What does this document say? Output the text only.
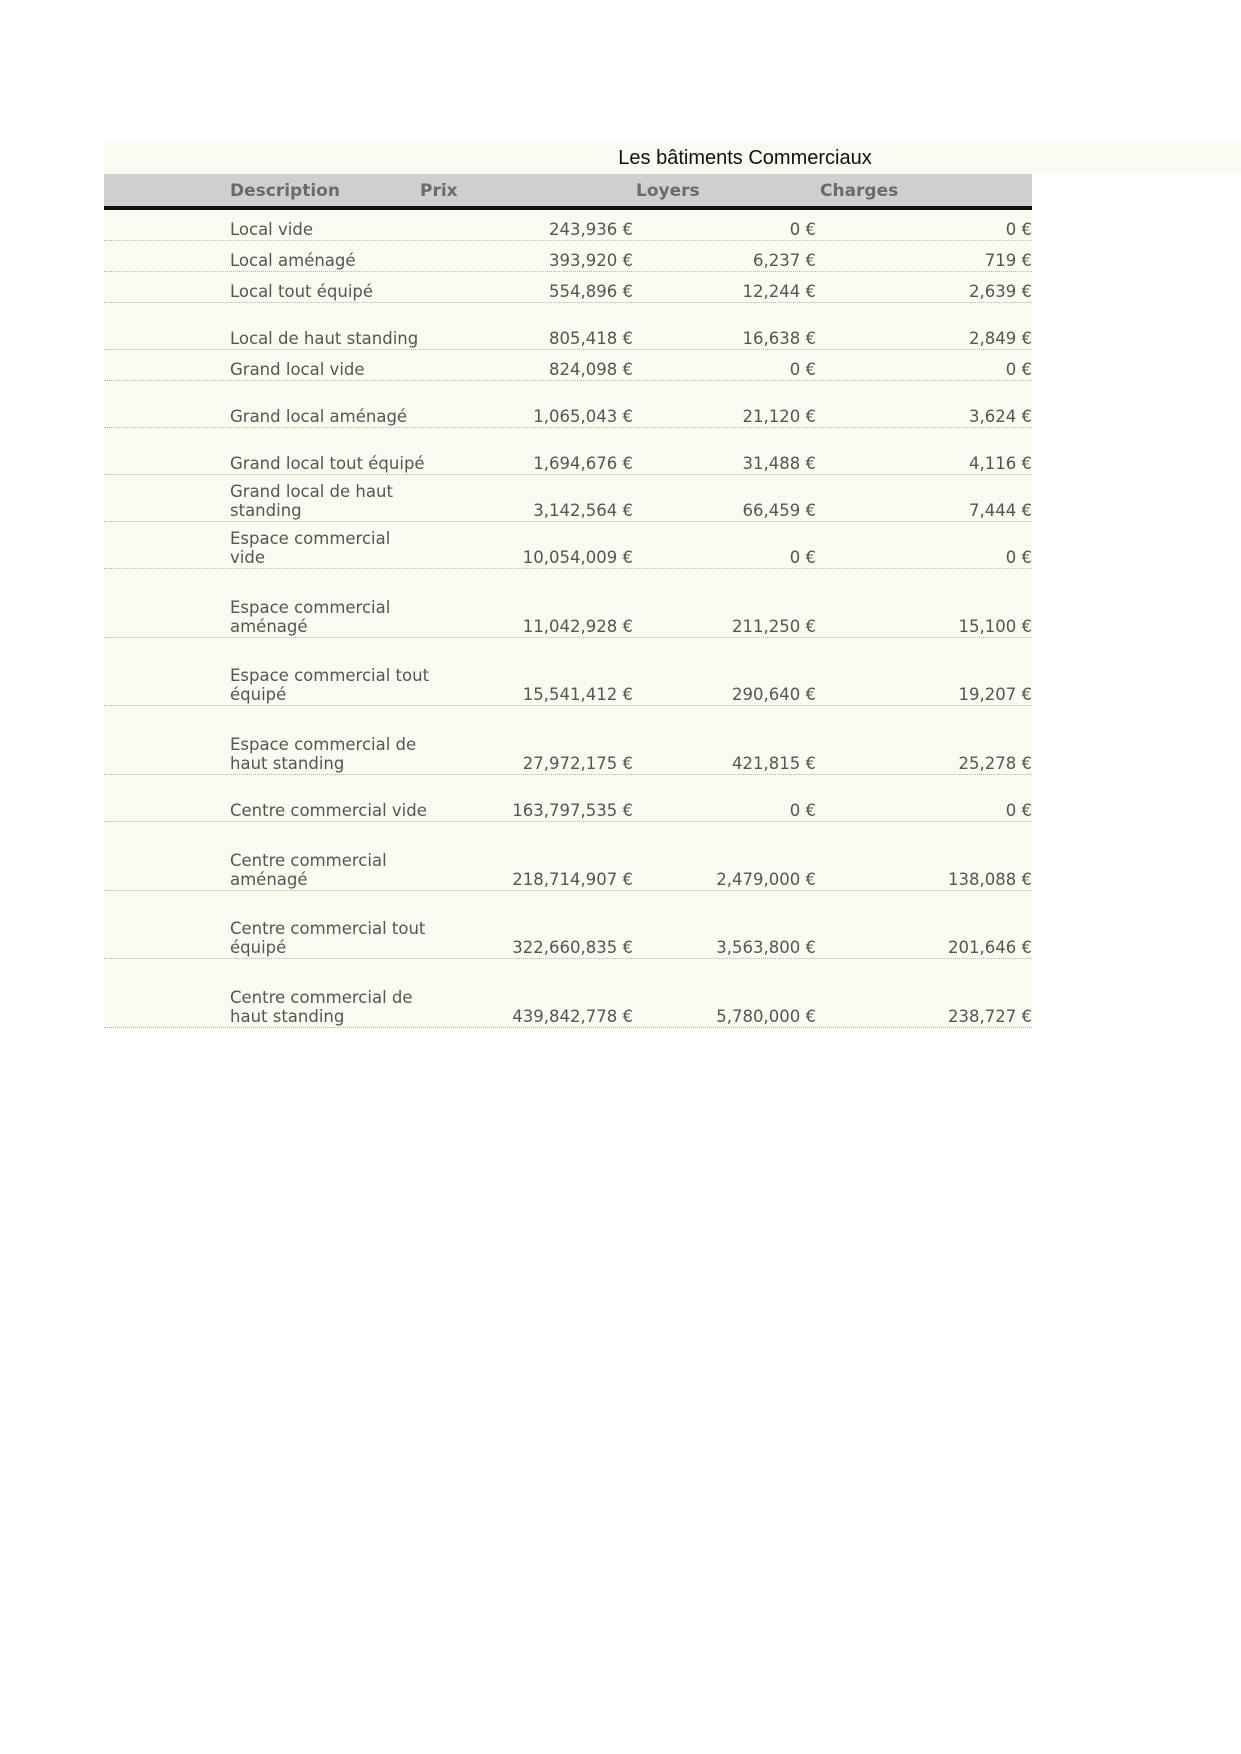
Les bâtiments Commerciaux
Description	Prix	Loyers	Charges
Local vide	243,936 €	0 €	0 €
Local aménagé	393,920 €	6,237 €	719 €
Local tout équipé	554,896 €	12,244 €	2,639 €
Local de haut standing	805,418 €	16,638 €	2,849 €
Grand local vide	824,098 €	0 €	0 €
Grand local aménagé	1,065,043 €	21,120 €	3,624 €
Grand local tout équipé	1,694,676 €	31,488 €	4,116 €
Grand local de haut standing	3,142,564 €	66,459 €	7,444 €
Espace commercial vide	10,054,009 €	0 €	0 €
Espace commercial aménagé	11,042,928 €	211,250 €	15,100 €
Espace commercial tout équipé	15,541,412 €	290,640 €	19,207 €
Espace commercial de haut standing	27,972,175 €	421,815 €	25,278 €
Centre commercial vide	163,797,535 €	0 €	0 €
Centre commercial aménagé	218,714,907 €	2,479,000 €	138,088 €
Centre commercial tout équipé	322,660,835 €	3,563,800 €	201,646 €
Centre commercial de haut standing	439,842,778 €	5,780,000 €	238,727 €
